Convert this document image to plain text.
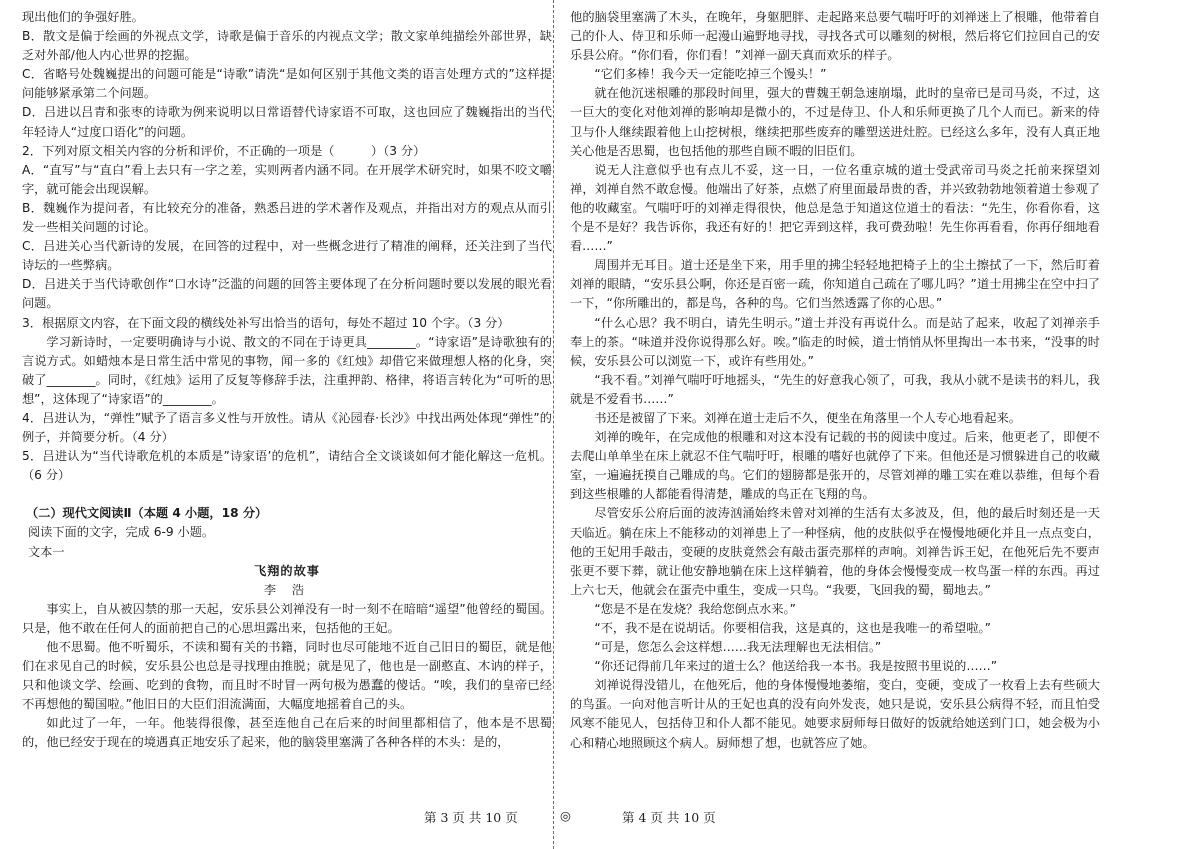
现出他们的争强好胜。

B．散文是偏于绘画的外视点文学，诗歌是偏于音乐的内视点文学；散文家单纯描绘外部世界，缺乏对外部/他人内心世界的挖掘。

C．省略号处魏巍提出的问题可能是“诗歌”请洗“是如何区别于其他文类的语言处理方式的”这样提问能够紧承第二个问题。

D．吕进以吕青和张枣的诗歌为例来说明以日常语替代诗家语不可取，这也回应了魏巍指出的当代年轻诗人“过度口语化”的问题。

2．下列对原文相关内容的分析和评价，不正确的一项是（　　　）（3 分）

A．“直写”与“直白”看上去只有一字之差，实则两者内涵不同。在开展学术研究时，如果不咬文嚼字，就可能会出现误解。

B．魏巍作为提问者，有比较充分的准备，熟悉吕进的学术著作及观点，并指出对方的观点从而引发一些相关问题的讨论。

C．吕进关心当代新诗的发展，在回答的过程中，对一些概念进行了精准的阐释，还关注到了当代诗坛的一些弊病。

D．吕进关于当代诗歌创作“口水诗”泛滥的问题的回答主要体现了在分析问题时要以发展的眼光看问题。

3．根据原文内容，在下面文段的横线处补写出恰当的语句，每处不超过 10 个字。（3 分）

学习新诗时，一定要明确诗与小说、散文的不同在于诗更具________。“诗家语”是诗歌独有的言说方式。如蜡烛本是日常生活中常见的事物，闻一多的《红烛》却借它来做理想人格的化身，突破了________。同时，《红烛》运用了反复等修辞手法，注重押韵、格律，将语言转化为“可听的思想”，这体现了“诗家语”的________。

4．吕进认为，“弹性”赋予了语言多义性与开放性。请从《沁园春·长沙》中找出两处体现“弹性”的例子，并简要分析。（4 分）

5．吕进认为“当代诗歌危机的本质是”诗家语’的危机”，请结合全文谈谈如何才能化解这一危机。（6 分）

（二）现代文阅读Ⅱ（本题 4 小题，18 分）

阅读下面的文字，完成 6-9 小题。

文本一

飞翔的故事

李 浩

事实上，自从被囚禁的那一天起，安乐县公刘禅没有一时一刻不在暗暗“遥望”他曾经的蜀国。只是，他不敢在任何人的面前把自己的心思坦露出来，包括他的王妃。

他不思蜀。他不听蜀乐，不读和蜀有关的书籍，同时也尽可能地不近自己旧日的蜀臣，就是他们在求见自己的时候，安乐县公也总是寻找理由推脱；就是见了，他也是一副憨直、木讷的样子，只和他谈文学、绘画、吃到的食物，而且时不时冒一两句极为愚蠢的傻话。“唉，我们的皇帝已经不再想他的蜀国啦。”他旧日的大臣们泪流满面，大幅度地摇着自己的头。

如此过了一年，一年。他装得很像，甚至连他自己在后来的时间里都相信了，他本是不思蜀的，他已经安于现在的境遇真正地安乐了起来，他的脑袋里塞满了各种各样的木头：是的，

他的脑袋里塞满了木头，在晚年，身躯肥胖、走起路来总要气喘吁吁的刘禅迷上了根雕，他带着自己的仆人、侍卫和乐师一起漫山遍野地寻找，寻找各式可以雕刻的树根，然后将它们拉回自己的安乐县公府。“你们看，你们看！”刘禅一副天真而欢乐的样子。

“它们多棒！我今天一定能吃掉三个馒头！”

就在他沉迷根雕的那段时间里，强大的曹魏王朝急速崩塌，此时的皇帝已是司马炎，不过，这一巨大的变化对他刘禅的影响却是微小的，不过是侍卫、仆人和乐师更换了几个人而已。新来的侍卫与仆人继续跟着他上山挖树根，继续把那些废弃的雕塑送进灶腔。已经这么多年，没有人真正地关心他是否思蜀，也包括他的那些自顾不暇的旧臣们。

说无人注意似乎也有点儿不妥，这一日，一位名重京城的道士受武帝司马炎之托前来探望刘禅，刘禅自然不敢怠慢。他端出了好茶，点燃了府里面最昂贵的香，并兴致勃勃地领着道士参观了他的收藏室。气喘吁吁的刘禅走得很快，他总是急于知道这位道士的看法：“先生，你看你看，这个是不是好？我告诉你，我还有好的！把它弄到这样，我可费劲啦！先生你再看看，你再仔细地看看……”

周围并无耳目。道士还是坐下来，用手里的拂尘轻轻地把椅子上的尘土擦拭了一下，然后盯着刘禅的眼睛，“安乐县公啊，你还是百密一疏，你知道自己疏在了哪儿吗？”道士用拂尘在空中扫了一下，“你所雕出的，都是鸟，各种的鸟。它们当然透露了你的心思。”

“什么心思？我不明白，请先生明示。”道士并没有再说什么。而是站了起来，收起了刘禅亲手奉上的茶。“味道并没你说得那么好。唉。”临走的时候，道士悄悄从怀里掏出一本书来，“没事的时候，安乐县公可以浏览一下，或许有些用处。”

“我不看。”刘禅气喘吁吁地摇头，“先生的好意我心领了，可我，我从小就不是读书的料儿，我就是不爱看书……”

书还是被留了下来。刘禅在道士走后不久，便坐在角落里一个人专心地看起来。

刘禅的晚年，在完成他的根雕和对这本没有记载的书的阅读中度过。后来，他更老了，即便不去爬山单单坐在床上就忍不住气喘吁吁，根雕的嗜好也就停了下来。但他还是习惯躲进自己的收藏室，一遍遍抚摸自己雕成的鸟。它们的翅膀都是张开的，尽管刘禅的雕工实在难以恭维，但每个看到这些根雕的人都能看得清楚，雕成的鸟正在飞翔的鸟。

尽管安乐公府后面的波涛汹涌始终未曾对刘禅的生活有太多波及，但，他的最后时刻还是一天天临近。躺在床上不能移动的刘禅患上了一种怪病，他的皮肤似乎在慢慢地硬化并且一点点变白，他的王妃用手敲击，变硬的皮肤竟然会有敲击蛋壳那样的声响。刘禅告诉王妃，在他死后先不要声张更不要下葬，就让他安静地躺在床上这样躺着，他的身体会慢慢变成一枚鸟蛋一样的东西。再过上六七天，他就会在蛋壳中重生，变成一只鸟。“我要，飞回我的蜀，蜀地去。”

“您是不是在发烧？我给您倒点水来。”

“不，我不是在说胡话。你要相信我，这是真的，这也是我唯一的希望啦。”

“可是，您怎么会这样想……我无法理解也无法相信。”

“你还记得前几年来过的道士么？他送给我一本书。我是按照书里说的……”

刘禅说得没错儿，在他死后，他的身体慢慢地萎缩，变白，变硬，变成了一枚看上去有些硕大的鸟蛋。一向对他言听计从的王妃也真的没有向外发丧，她只是说，安乐县公病得不轻，而且怕受风寒不能见人，包括侍卫和仆人都不能见。她要求厨师每日做好的饭就给她送到门口，她会极为小心和精心地照顾这个病人。厨师想了想，也就答应了她。

第 3 页 共 10 页	◎	第 4 页 共 10 页
